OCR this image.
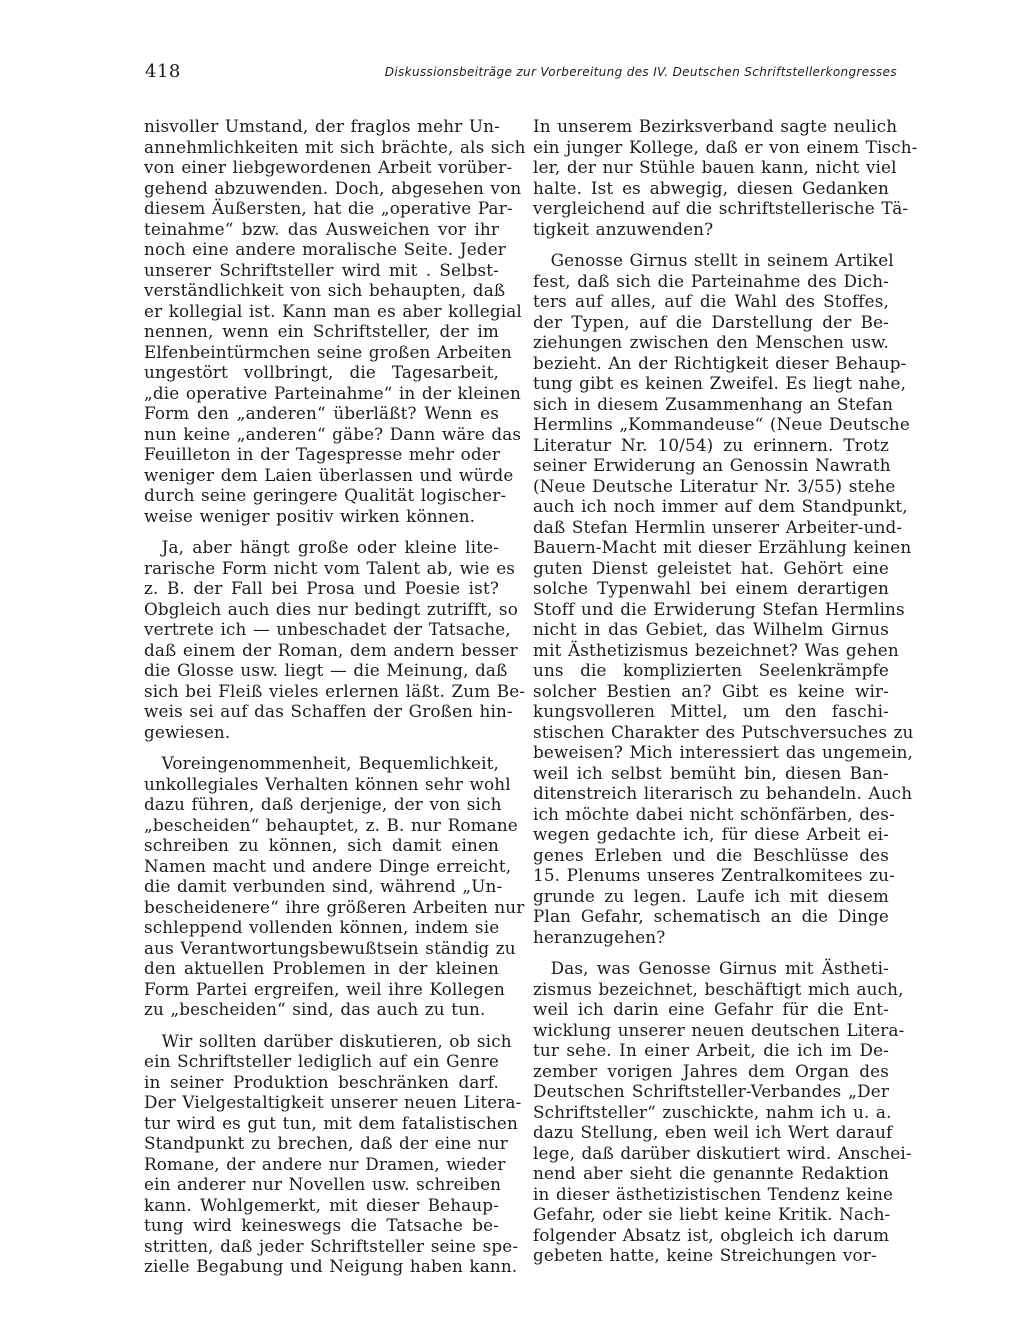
418	Diskussionsbeiträge zur Vorbereitung des IV. Deutschen Schriftstellerkongresses

nisvoller Umstand, der fraglos mehr Un-
annehmlichkeiten mit sich brächte, als sich
von einer liebgewordenen Arbeit vorüber-
gehend abzuwenden. Doch, abgesehen von
diesem Äußersten, hat die „operative Par-
teinahme“ bzw. das Ausweichen vor ihr
noch eine andere moralische Seite. Jeder
unserer Schriftsteller wird mit . Selbst-
verständlichkeit von sich behaupten, daß
er kollegial ist. Kann man es aber kollegial
nennen, wenn ein Schriftsteller, der im
Elfenbeintürmchen seine großen Arbeiten
ungestört vollbringt, die Tagesarbeit,
„die operative Parteinahme“ in der kleinen
Form den „anderen“ überläßt? Wenn es
nun keine „anderen“ gäbe? Dann wäre das
Feuilleton in der Tagespresse mehr oder
weniger dem Laien überlassen und würde
durch seine geringere Qualität logischer-
weise weniger positiv wirken können.

Ja, aber hängt große oder kleine lite-
rarische Form nicht vom Talent ab, wie es
z. B. der Fall bei Prosa und Poesie ist?
Obgleich auch dies nur bedingt zutrifft, so
vertrete ich — unbeschadet der Tatsache,
daß einem der Roman, dem andern besser
die Glosse usw. liegt — die Meinung, daß
sich bei Fleiß vieles erlernen läßt. Zum Be-
weis sei auf das Schaffen der Großen hin-
gewiesen.

Voreingenommenheit, Bequemlichkeit,
unkollegiales Verhalten können sehr wohl
dazu führen, daß derjenige, der von sich
„bescheiden“ behauptet, z. B. nur Romane
schreiben zu können, sich damit einen
Namen macht und andere Dinge erreicht,
die damit verbunden sind, während „Un-
bescheidenere“ ihre größeren Arbeiten nur
schleppend vollenden können, indem sie
aus Verantwortungsbewußtsein ständig zu
den aktuellen Problemen in der kleinen
Form Partei ergreifen, weil ihre Kollegen
zu „bescheiden“ sind, das auch zu tun.

Wir sollten darüber diskutieren, ob sich
ein Schriftsteller lediglich auf ein Genre
in seiner Produktion beschränken darf.
Der Vielgestaltigkeit unserer neuen Litera-
tur wird es gut tun, mit dem fatalistischen
Standpunkt zu brechen, daß der eine nur
Romane, der andere nur Dramen, wieder
ein anderer nur Novellen usw. schreiben
kann. Wohlgemerkt, mit dieser Behaup-
tung wird keineswegs die Tatsache be-
stritten, daß jeder Schriftsteller seine spe-
zielle Begabung und Neigung haben kann.

In unserem Bezirksverband sagte neulich
ein junger Kollege, daß er von einem Tisch-
ler, der nur Stühle bauen kann, nicht viel
halte. Ist es abwegig, diesen Gedanken
vergleichend auf die schriftstellerische Tä-
tigkeit anzuwenden?

Genosse Girnus stellt in seinem Artikel
fest, daß sich die Parteinahme des Dich-
ters auf alles, auf die Wahl des Stoffes,
der Typen, auf die Darstellung der Be-
ziehungen zwischen den Menschen usw.
bezieht. An der Richtigkeit dieser Behaup-
tung gibt es keinen Zweifel. Es liegt nahe,
sich in diesem Zusammenhang an Stefan
Hermlins „Kommandeuse“ (Neue Deutsche
Literatur Nr. 10/54) zu erinnern. Trotz
seiner Erwiderung an Genossin Nawrath
(Neue Deutsche Literatur Nr. 3/55) stehe
auch ich noch immer auf dem Standpunkt,
daß Stefan Hermlin unserer Arbeiter-und-
Bauern-Macht mit dieser Erzählung keinen
guten Dienst geleistet hat. Gehört eine
solche Typenwahl bei einem derartigen
Stoff und die Erwiderung Stefan Hermlins
nicht in das Gebiet, das Wilhelm Girnus
mit Ästhetizismus bezeichnet? Was gehen
uns die komplizierten Seelenkrämpfe
solcher Bestien an? Gibt es keine wir-
kungsvolleren Mittel, um den faschi-
stischen Charakter des Putschversuches zu
beweisen? Mich interessiert das ungemein,
weil ich selbst bemüht bin, diesen Ban-
ditenstreich literarisch zu behandeln. Auch
ich möchte dabei nicht schönfärben, des-
wegen gedachte ich, für diese Arbeit ei-
genes Erleben und die Beschlüsse des
15. Plenums unseres Zentralkomitees zu-
grunde zu legen. Laufe ich mit diesem
Plan Gefahr, schematisch an die Dinge
heranzugehen?

Das, was Genosse Girnus mit Ästheti-
zismus bezeichnet, beschäftigt mich auch,
weil ich darin eine Gefahr für die Ent-
wicklung unserer neuen deutschen Litera-
tur sehe. In einer Arbeit, die ich im De-
zember vorigen Jahres dem Organ des
Deutschen Schriftsteller-Verbandes „Der
Schriftsteller“ zuschickte, nahm ich u. a.
dazu Stellung, eben weil ich Wert darauf
lege, daß darüber diskutiert wird. Anschei-
nend aber sieht die genannte Redaktion
in dieser ästhetizistischen Tendenz keine
Gefahr, oder sie liebt keine Kritik. Nach-
folgender Absatz ist, obgleich ich darum
gebeten hatte, keine Streichungen vor-
